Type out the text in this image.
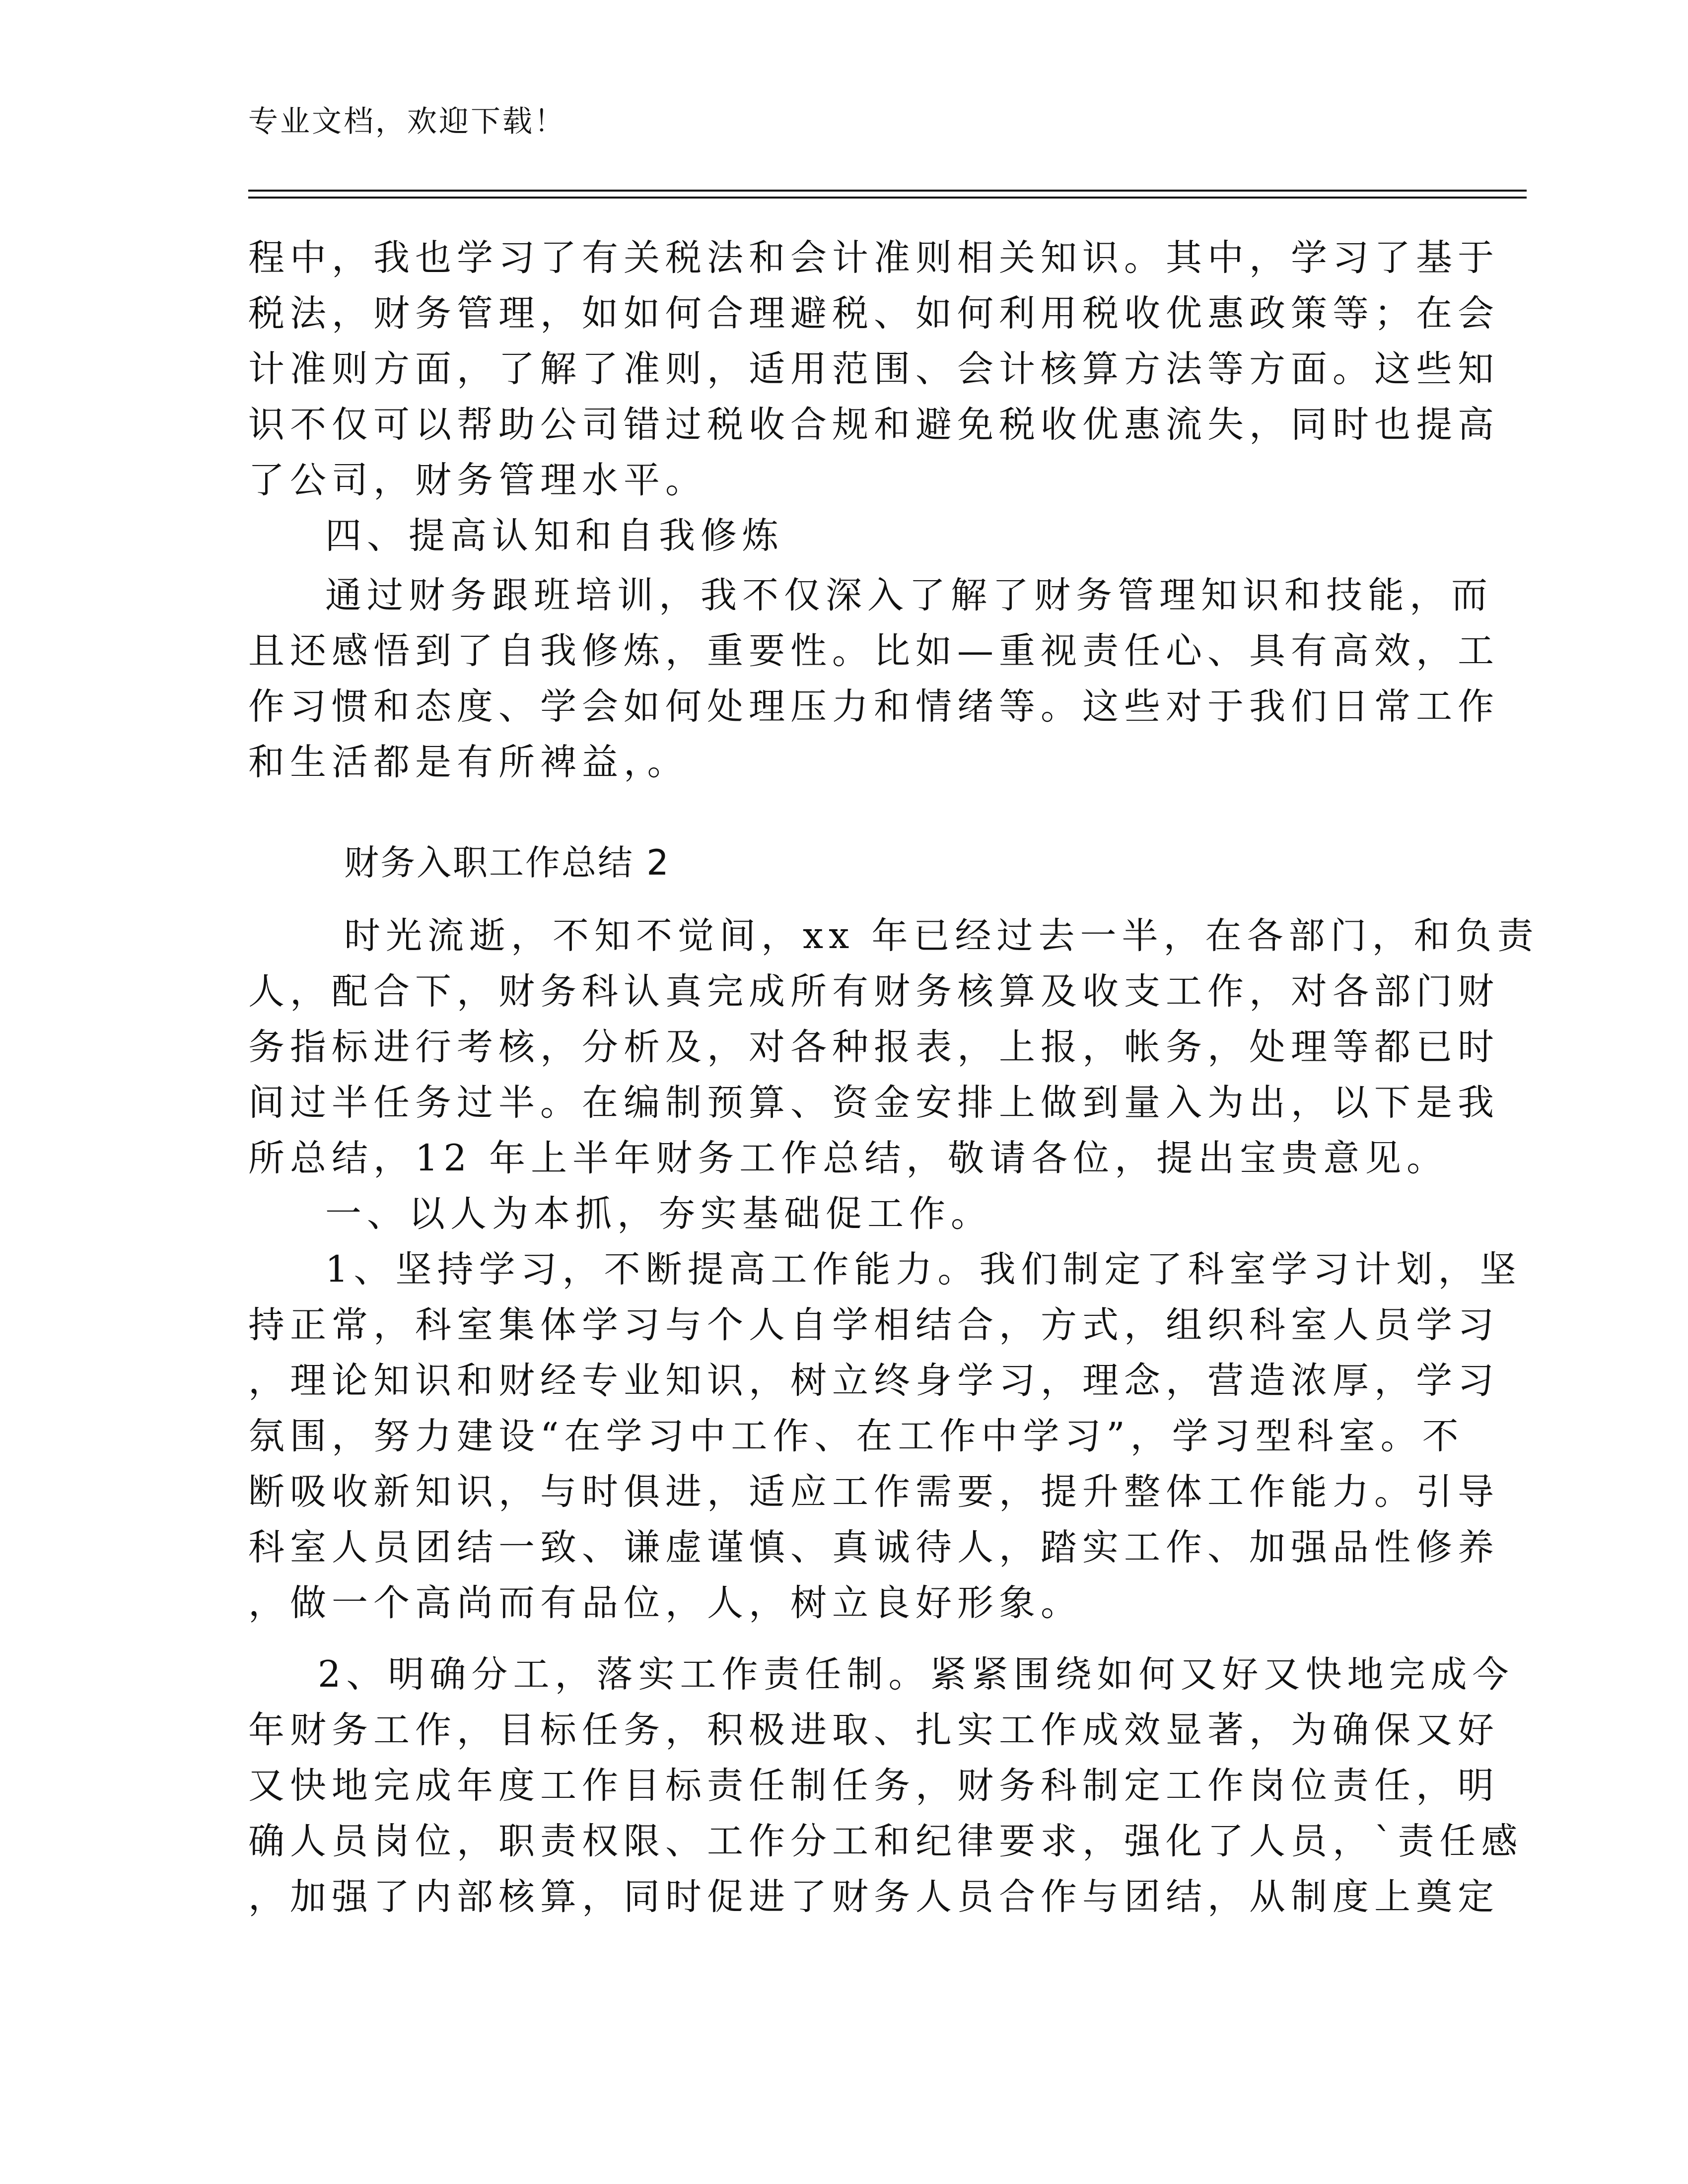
专业文档，欢迎下载！
程中，我也学习了有关税法和会计准则相关知识。其中，学习了基于
税法，财务管理，如如何合理避税、如何利用税收优惠政策等；在会
计准则方面，了解了准则，适用范围、会计核算方法等方面。这些知
识不仅可以帮助公司错过税收合规和避免税收优惠流失，同时也提高
了公司，财务管理水平。
四、提高认知和自我修炼
通过财务跟班培训，我不仅深入了解了财务管理知识和技能，而
且还感悟到了自我修炼，重要性。比如—重视责任心、具有高效，工
作习惯和态度、学会如何处理压力和情绪等。这些对于我们日常工作
和生活都是有所裨益，。
财务入职工作总结 2
时光流逝，不知不觉间，xx 年已经过去一半，在各部门，和负责
人，配合下，财务科认真完成所有财务核算及收支工作，对各部门财
务指标进行考核，分析及，对各种报表，上报，帐务，处理等都已时
间过半任务过半。在编制预算、资金安排上做到量入为出，以下是我
所总结，12 年上半年财务工作总结，敬请各位，提出宝贵意见。
一、以人为本抓，夯实基础促工作。
1、坚持学习，不断提高工作能力。我们制定了科室学习计划，坚
持正常，科室集体学习与个人自学相结合，方式，组织科室人员学习
，理论知识和财经专业知识，树立终身学习，理念，营造浓厚，学习
氛围，努力建设“在学习中工作、在工作中学习”，学习型科室。不
断吸收新知识，与时俱进，适应工作需要，提升整体工作能力。引导
科室人员团结一致、谦虚谨慎、真诚待人，踏实工作、加强品性修养
，做一个高尚而有品位，人，树立良好形象。
2、明确分工，落实工作责任制。紧紧围绕如何又好又快地完成今
年财务工作，目标任务，积极进取、扎实工作成效显著，为确保又好
又快地完成年度工作目标责任制任务，财务科制定工作岗位责任，明
确人员岗位，职责权限、工作分工和纪律要求，强化了人员，`责任感
，加强了内部核算，同时促进了财务人员合作与团结，从制度上奠定
